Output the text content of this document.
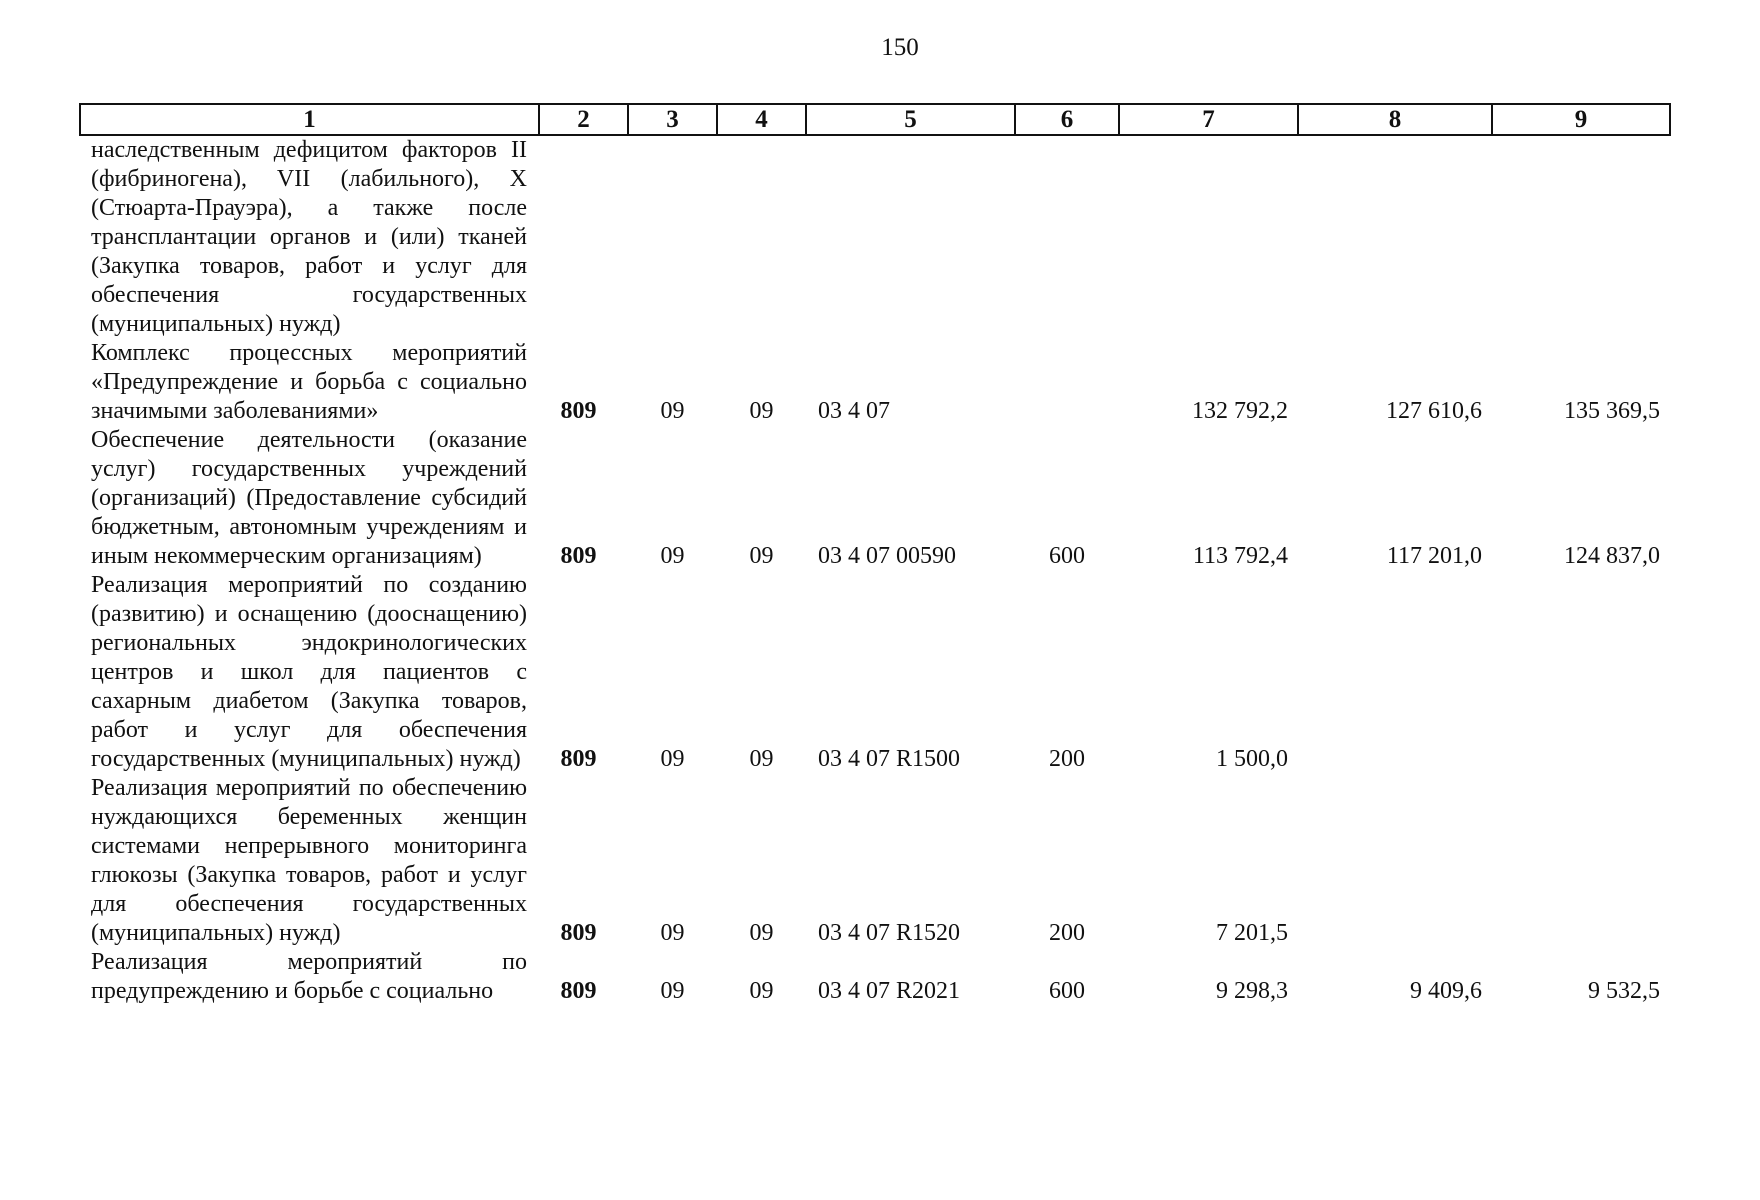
150
1	2	3	4	5	6	7	8	9
наследственным дефицитом факторов II (фибриногена), VII (лабильного), X (Стюарта-Прауэра), а также после трансплантации органов и (или) тканей (Закупка товаров, работ и услуг для обеспечения государственных (муниципальных) нужд)								
Комплекс процессных мероприятий «Предупреждение и борьба с социально значимыми заболеваниями»	809	09	09	03 4 07		132 792,2	127 610,6	135 369,5
Обеспечение деятельности (оказание услуг) государственных учреждений (организаций) (Предоставление субсидий бюджетным, автономным учреждениям и иным некоммерческим организациям)	809	09	09	03 4 07 00590	600	113 792,4	117 201,0	124 837,0
Реализация мероприятий по созданию (развитию) и оснащению (дооснащению) региональных эндокринологических центров и школ для пациентов с сахарным диабетом (Закупка товаров, работ и услуг для обеспечения государственных (муниципальных) нужд)	809	09	09	03 4 07 R1500	200	1 500,0		
Реализация мероприятий по обеспечению нуждающихся беременных женщин системами непрерывного мониторинга глюкозы (Закупка товаров, работ и услуг для обеспечения государственных (муниципальных) нужд)	809	09	09	03 4 07 R1520	200	7 201,5		
Реализация мероприятий по предупреждению и борьбе с социально	809	09	09	03 4 07 R2021	600	9 298,3	9 409,6	9 532,5
